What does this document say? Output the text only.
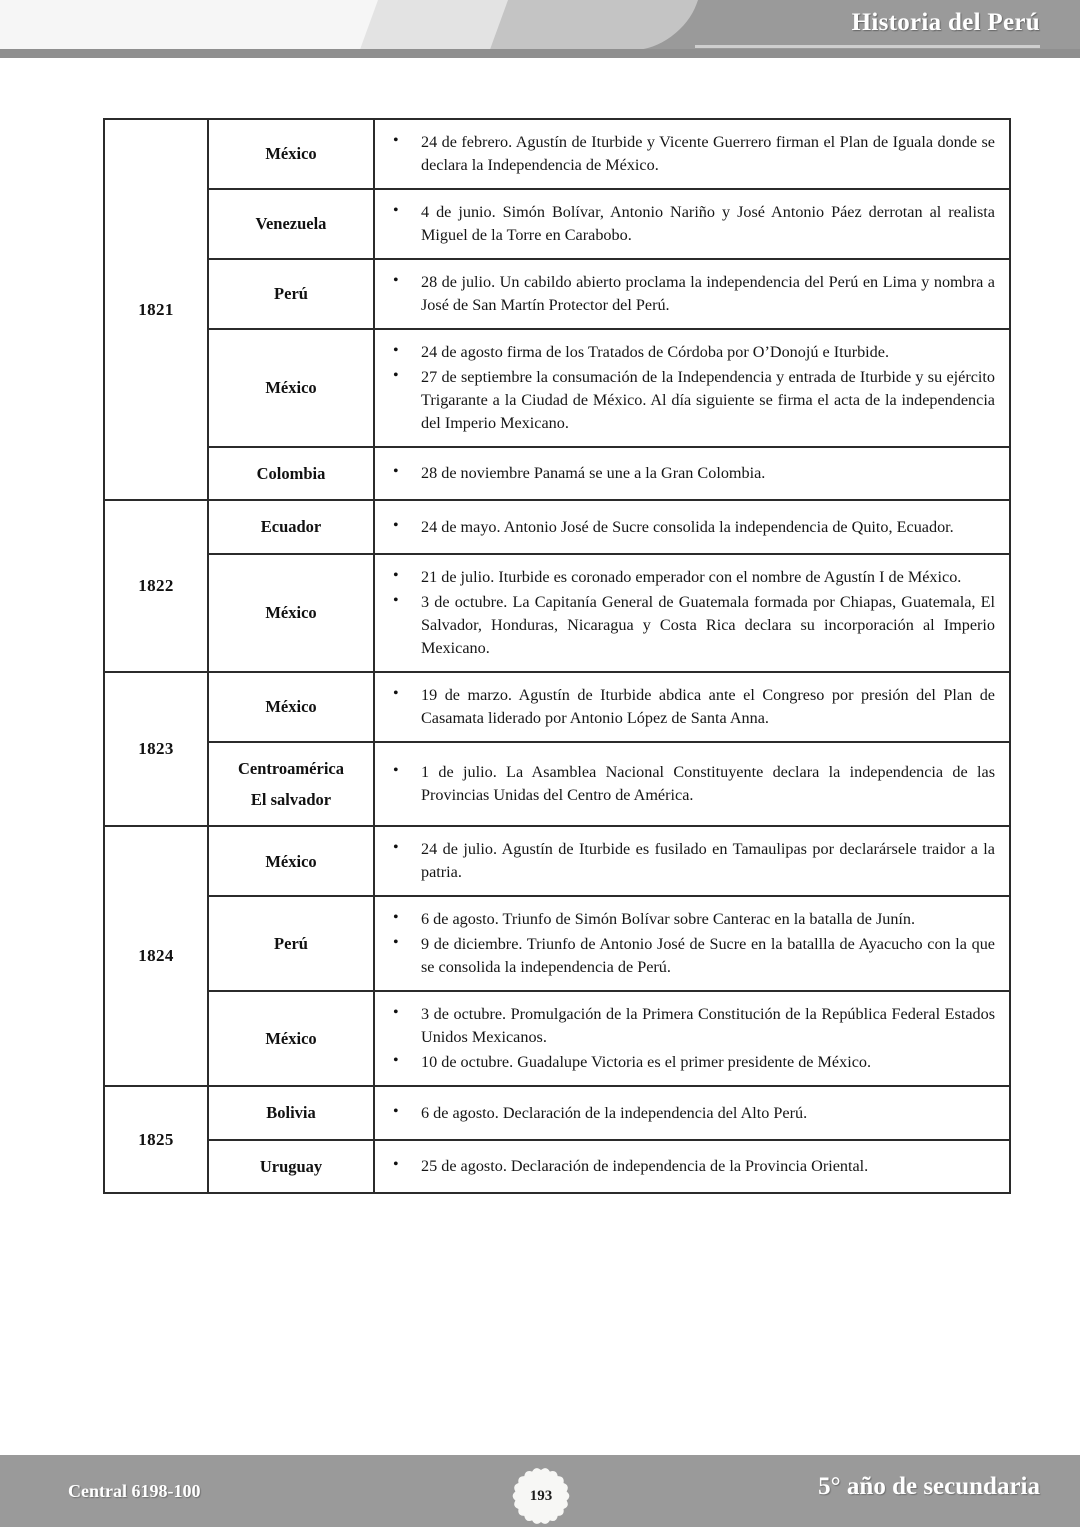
Historia del Perú
1821	México	
• 24 de febrero. Agustín de Iturbide y Vicente Guerrero firman el Plan de Iguala donde se declara la Independencia de México.

Venezuela	
• 4 de junio. Simón Bolívar, Antonio Nariño y José Antonio Páez derrotan al realista Miguel de la Torre en Carabobo.

Perú	
• 28 de julio. Un cabildo abierto proclama la independencia del Perú en Lima y nombra a José de San Martín Protector del Perú.

México	
• 24 de agosto firma de los Tratados de Córdoba por O’Donojú e Iturbide.
• 27 de septiembre la consumación de la Independencia y entrada de Iturbide y su ejército Trigarante a la Ciudad de México. Al día siguiente se firma el acta de la independencia del Imperio Mexicano.

Colombia	• 28 de noviembre Panamá se une a la Gran Colombia.

1822	Ecuador	• 24 de mayo. Antonio José de Sucre consolida la independencia de Quito, Ecuador.

México	
• 21 de julio. Iturbide es coronado emperador con el nombre de Agustín I de México.
• 3 de octubre. La Capitanía General de Guatemala formada por Chiapas, Guatemala, El Salvador, Honduras, Nicaragua y Costa Rica declara su incorporación al Imperio Mexicano.

1823	México	
• 19 de marzo. Agustín de Iturbide abdica ante el Congreso por presión del Plan de Casamata liderado por Antonio López de Santa Anna.

Centroamérica
El salvador	
• 1 de julio. La Asamblea Nacional Constituyente declara la independencia de las Provincias Unidas del Centro de América.

1824	México	
• 24 de julio. Agustín de Iturbide es fusilado en Tamaulipas por declarársele traidor a la patria.

Perú	
• 6 de agosto. Triunfo de Simón Bolívar sobre Canterac en la batalla de Junín.
• 9 de diciembre. Triunfo de Antonio José de Sucre en la batallla de Ayacucho con la que se consolida la independencia de Perú.

México	
• 3 de octubre. Promulgación de la Primera Constitución de la República Federal Estados Unidos Mexicanos.
• 10 de octubre. Guadalupe Victoria es el primer presidente de México.

1825	Bolivia	• 6 de agosto. Declaración de la independencia del Alto Perú.

Uruguay	• 25 de agosto. Declaración de independencia de la Provincia Oriental.
Central 6198-100	193	5° año de secundaria
